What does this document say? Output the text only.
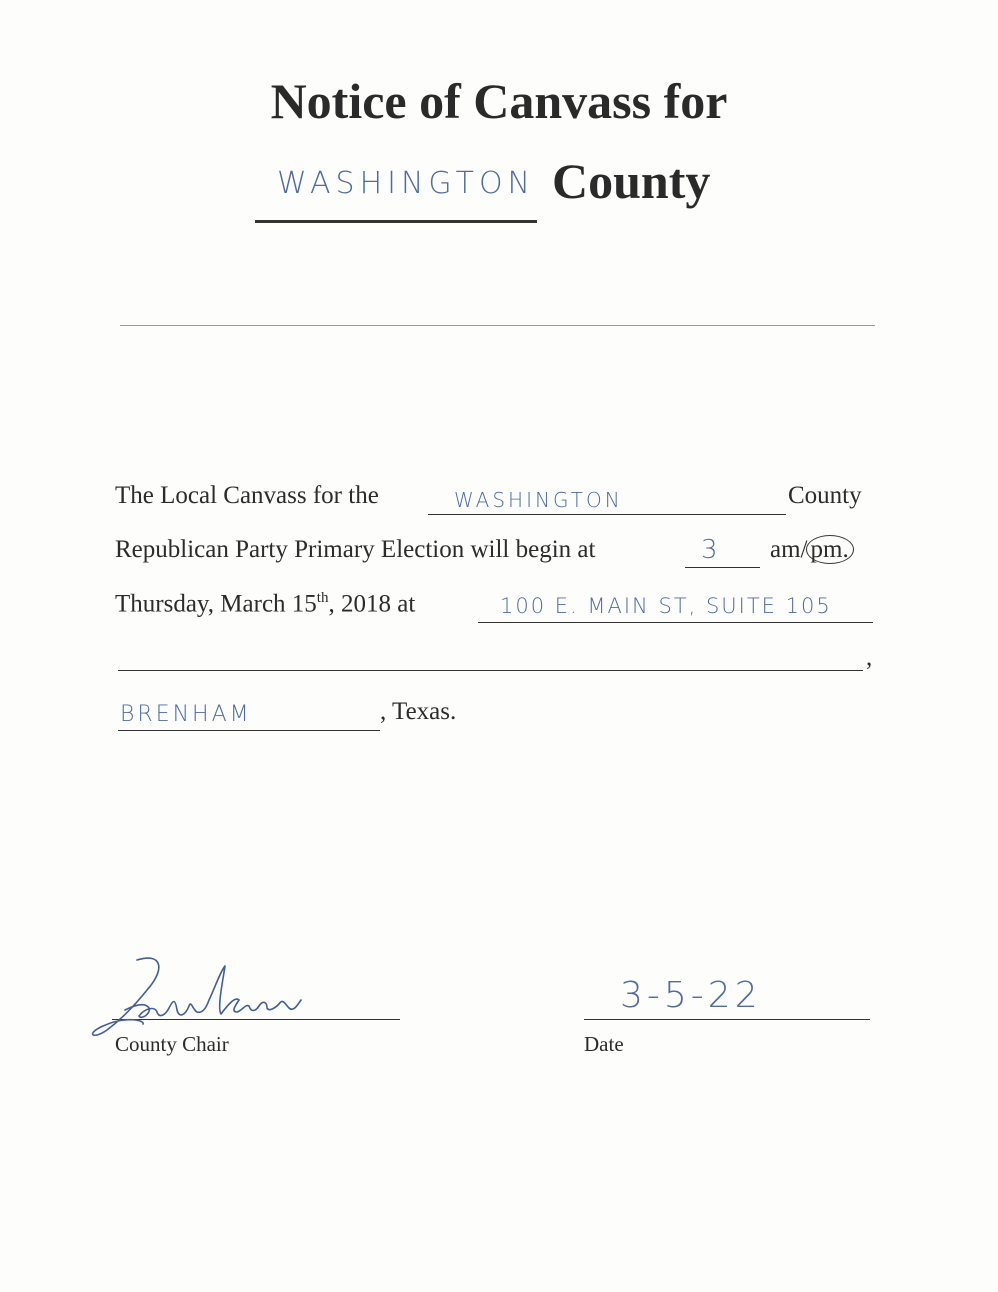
Notice of Canvass for
WASHINGTON County
The Local Canvass for the	WASHINGTON	County
Republican Party Primary Election will begin at	3 am/ pm.
Thursday, March 15th, 2018 at	100 E. MAIN ST, SUITE 105
,
BRENHAM	, Texas.
County Chair
3-5-22
Date
